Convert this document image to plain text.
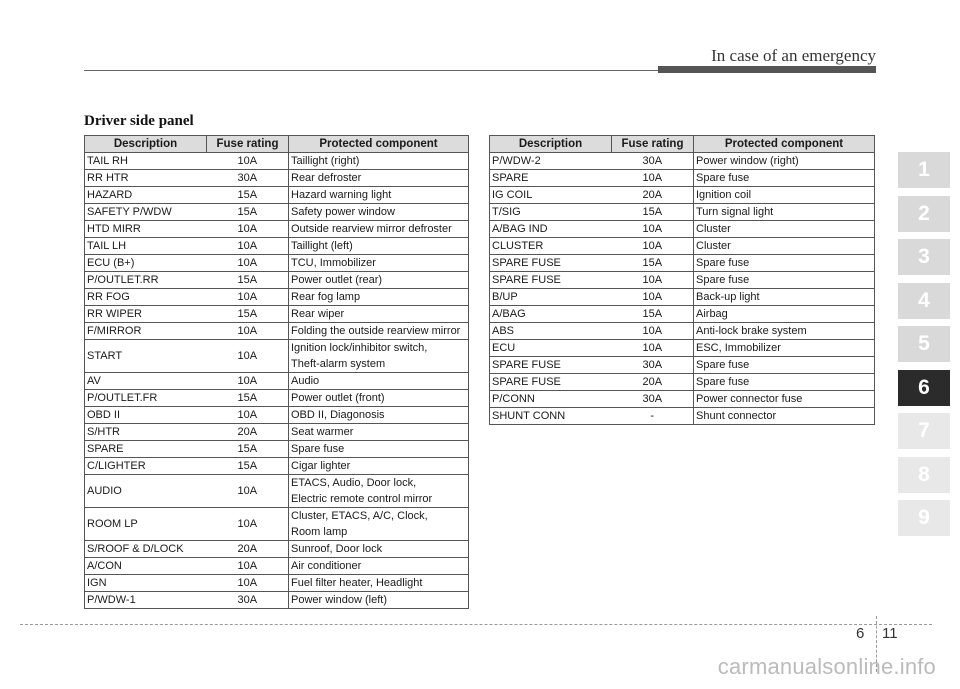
In case of an emergency
Driver side panel
Description	Fuse rating	Protected component
TAIL RH	10A	Taillight (right)
RR HTR	30A	Rear defroster
HAZARD	15A	Hazard warning light
SAFETY P/WDW	15A	Safety power window
HTD MIRR	10A	Outside rearview mirror defroster
TAIL LH	10A	Taillight (left)
ECU (B+)	10A	TCU, Immobilizer
P/OUTLET.RR	15A	Power outlet (rear)
RR FOG	10A	Rear fog lamp
RR WIPER	15A	Rear wiper
F/MIRROR	10A	Folding the outside rearview mirror
START	10A	Ignition lock/inhibitor switch,
Theft-alarm system

AV	10A	Audio
P/OUTLET.FR	15A	Power outlet (front)
OBD II	10A	OBD II, Diagonosis
S/HTR	20A	Seat warmer
SPARE	15A	Spare fuse
C/LIGHTER	15A	Cigar lighter
AUDIO	10A	ETACS, Audio, Door lock,
Electric remote control mirror

ROOM LP	10A	Cluster, ETACS, A/C, Clock,
Room lamp

S/ROOF & D/LOCK	20A	Sunroof, Door lock
A/CON	10A	Air conditioner
IGN	10A	Fuel filter heater, Headlight
P/WDW-1	30A	Power window (left)
Description	Fuse rating	Protected component
P/WDW-2	30A	Power window (right)
SPARE	10A	Spare fuse
IG COIL	20A	Ignition coil
T/SIG	15A	Turn signal light
A/BAG IND	10A	Cluster
CLUSTER	10A	Cluster
SPARE FUSE	15A	Spare fuse
SPARE FUSE	10A	Spare fuse
B/UP	10A	Back-up light
A/BAG	15A	Airbag
ABS	10A	Anti-lock brake system
ECU	10A	ESC, Immobilizer
SPARE FUSE	30A	Spare fuse
SPARE FUSE	20A	Spare fuse
P/CONN	30A	Power connector fuse
SHUNT CONN	-	Shunt connector
1
2
3
4
5
6
7
8
9
6 11
carmanualsonline.info
